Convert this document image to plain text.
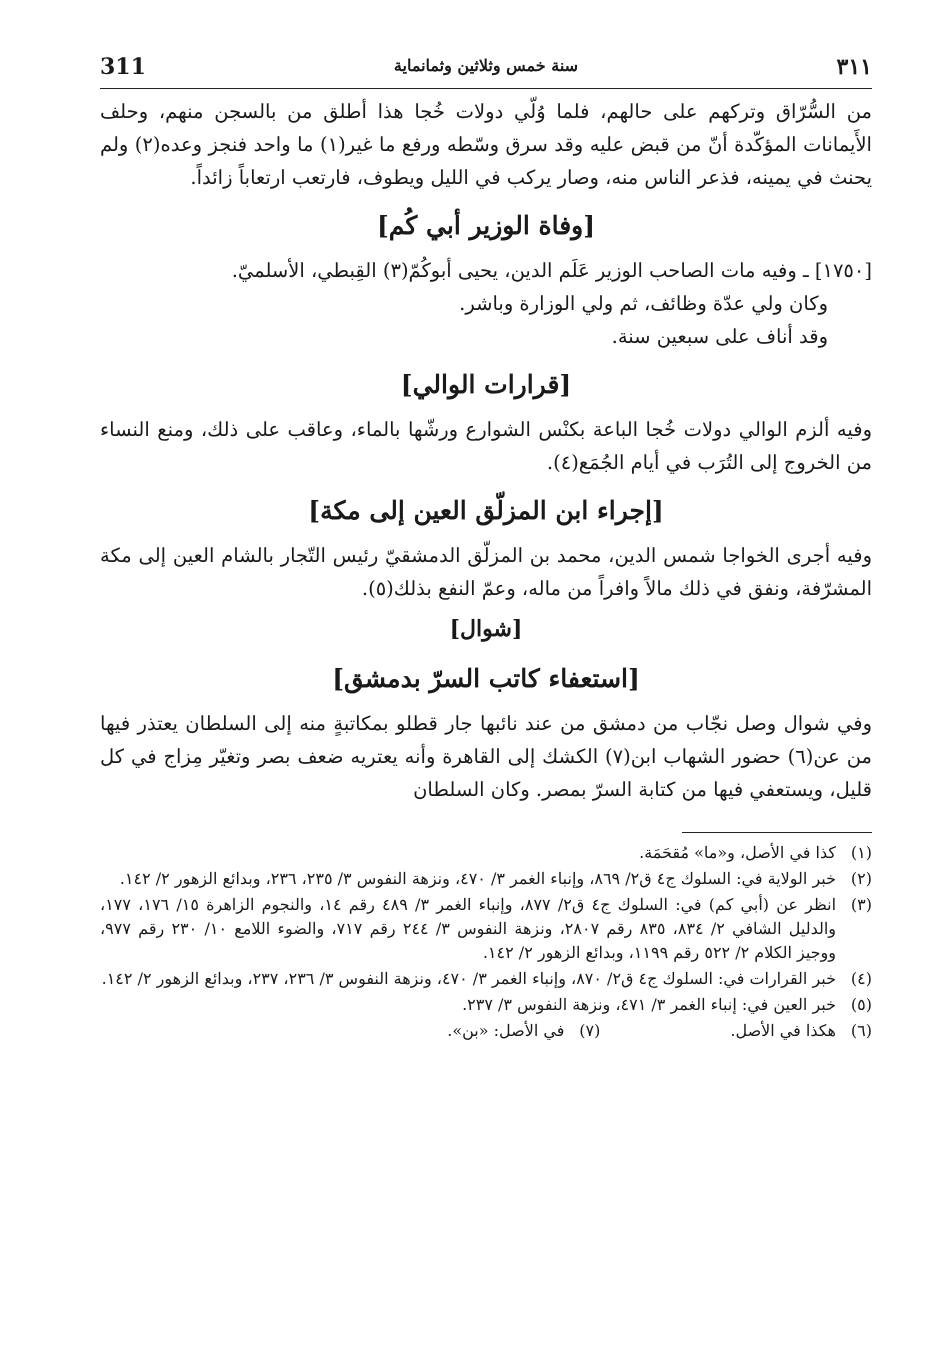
311	سنة خمس وثلاثين وثمانماية	٣١١

من السُّرّاق وتركهم على حالهم، فلما وُلّي دولات خُجا هذا أطلق من بالسجن منهم، وحلف الأَيمانات المؤكّدة أنّ من قبض عليه وقد سرق وسّطه ورفع ما غير(١) ما واحد فنجز وعده(٢) ولم يحنث في يمينه، فذعر الناس منه، وصار يركب في الليل ويطوف، فارتعب ارتعاباً زائداً.

[وفاة الوزير أبي كُم]

[١٧٥٠] ـ وفيه مات الصاحب الوزير عَلَم الدين، يحيى أبوكُمّ(٣) القِبطي، الأسلميّ.

وكان ولي عدّة وظائف، ثم ولي الوزارة وباشر.

وقد أناف على سبعين سنة.

[قرارات الوالي]

وفيه ألزم الوالي دولات خُجا الباعة بكنْس الشوارع ورشّها بالماء، وعاقب على ذلك، ومنع النساء من الخروج إلى التُرَب في أيام الجُمَع(٤).

[إجراء ابن المزلّق العين إلى مكة]

وفيه أجرى الخواجا شمس الدين، محمد بن المزلّق الدمشقيّ رئيس التّجار بالشام العين إلى مكة المشرّفة، ونفق في ذلك مالاً وافراً من ماله، وعمّ النفع بذلك(٥).

[شوال]
[استعفاء كاتب السرّ بدمشق]

وفي شوال وصل نجّاب من دمشق من عند نائبها جار قطلو بمكاتبةٍ منه إلى السلطان يعتذر فيها من عن(٦) حضور الشهاب ابن(٧) الكشك إلى القاهرة وأنه يعتريه ضعف بصر وتغيّر مِزاج في كل قليل، ويستعفي فيها من كتابة السرّ بمصر. وكان السلطان

(١)
كذا في الأصل، و«ما» مُقحَمَة.
(٢)
خبر الولاية في: السلوك ج٤ ق٢/ ٨٦٩، وإنباء الغمر ٣/ ٤٧٠، ونزهة النفوس ٣/ ٢٣٥، ٢٣٦، وبدائع الزهور ٢/ ١٤٢.
(٣)
انظر عن (أبي كم) في: السلوك ج٤ ق٢/ ٨٧٧، وإنباء الغمر ٣/ ٤٨٩ رقم ١٤، والنجوم الزاهرة ١٥/ ١٧٦، ١٧٧، والدليل الشافي ٢/ ٨٣٤، ٨٣٥ رقم ٢٨٠٧، ونزهة النفوس ٣/ ٢٤٤ رقم ٧١٧، والضوء اللامع ١٠/ ٢٣٠ رقم ٩٧٧، ووجيز الكلام ٢/ ٥٢٢ رقم ١١٩٩، وبدائع الزهور ٢/ ١٤٢.
(٤)
خبر القرارات في: السلوك ج٤ ق٢/ ٨٧٠، وإنباء الغمر ٣/ ٤٧٠، ونزهة النفوس ٣/ ٢٣٦، ٢٣٧، وبدائع الزهور ٢/ ١٤٢.
(٥)
خبر العين في: إنباء الغمر ٣/ ٤٧١، ونزهة النفوس ٣/ ٢٣٧.
(٦)
هكذا في الأصل.
(٧)
في الأصل: «بن».
